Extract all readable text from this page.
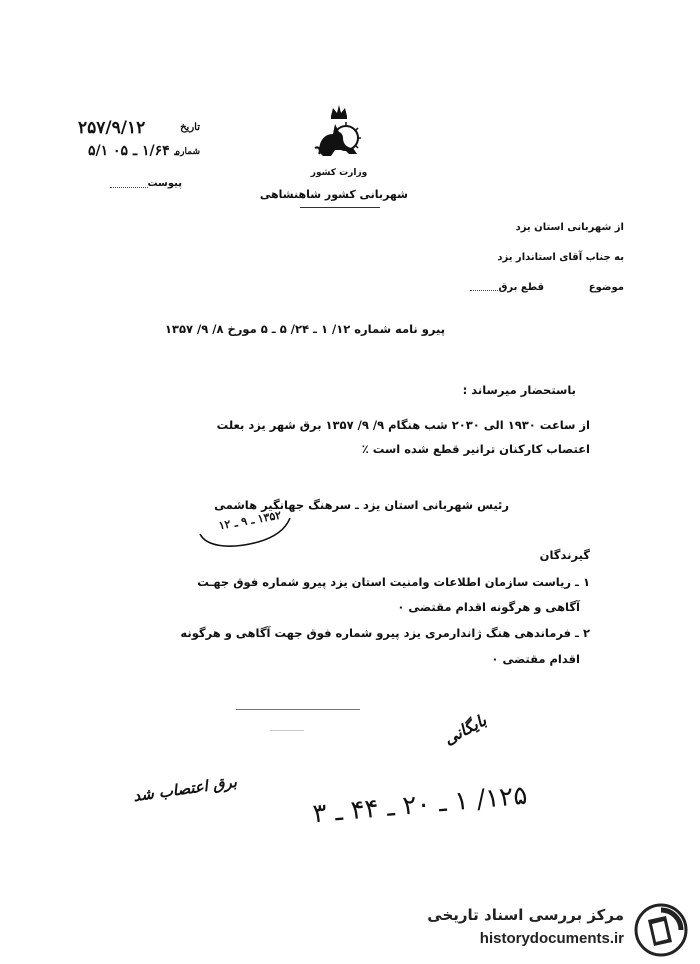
۲۵۷/۹/۱۲	تاریخ
۵/۱ ـ ۱/۶۴ ـ ۰۵
شماره
پیوست
وزارت کشور
شهربانی کشور شاهنشاهی
از شهربانی استان یزد
به جناب آقای استاندار یزد
قطع برق	موضوع
پیرو نامه شماره ۱۲/ ۱ ـ ۲۴/ ۵ ـ ۵ مورخ ۸/ ۹/ ۱۳۵۷
باستحضار میرساند :
از ساعت ۱۹۳۰ الی ۲۰۳۰ شب هنگام ۹/ ۹/ ۱۳۵۷ برق شهر یزد بعلت
اعتصاب کارکنان ترانیر قطع شده است ٪
رئیس شهربانی استان یزد ـ سرهنگ جهانگیر هاشمی
۱۳۵۲ ـ ۹ ـ ۱۲
گیرندگان
۱ ـ ریاست سازمان اطلاعات وامنیت استان یزد پیرو شماره فوق جهـت
آگاهی و هرگونه اقدام مقتضی ۰
۲ ـ فرماندهی هنگ ژاندارمری یزد پیرو شماره فوق جهت آگاهی و هرگونه
اقدام مقتضی ۰
بایگانی
برق اعتصاب شد
۱۲۵/ ۱ ـ ۲۰ ـ ۴۴ ـ ۳
مرکز بررسی اسناد تاریخی
historydocuments.ir
